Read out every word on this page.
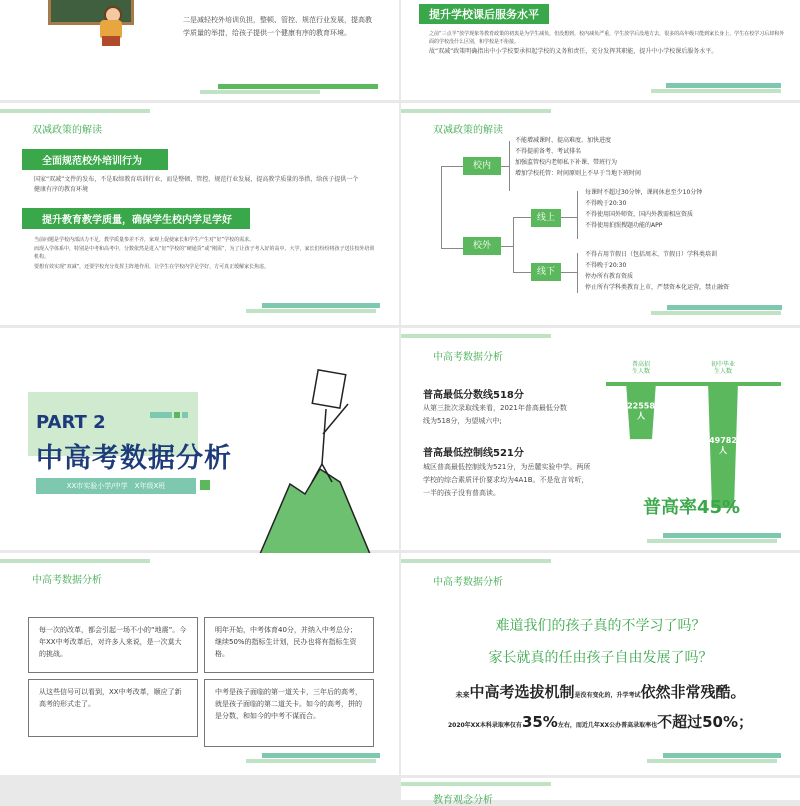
二是减轻校外培训负担，整顿、管控、规范行业发展，提高教学质量的举措，给孩子提供一个健康有序的教育环境。
提升学校课后服务水平
之前“三点半”放学现象等教育政策的初衷是为学生减负，但没想到，校内减负严重，学生放学后没地方去，很多的高年级只能到家长身上，学生在校学习后却和外面的学校没什么区别，和学校是不衔接。
故“双减”政策明确指出中小学校要承担起学校的义务和责任，充分发挥其职能，提升中小学校课后服务水平。
双减政策的解读
全面规范校外培训行为
国家“双减”文件的发布，不是取缔教育培训行业，而是整顿、管控、规范行业发展，提高教学质量的举措，给孩子提供一个健康有序的教育环境
提升教育教学质量，确保学生校内学足学好
当前问题是学校内部活力不足，教学质量参差不齐，家观上促使家长和学生产生对“好”学校的需求。
而现入学体系中，特别是中考和高考中，分数依然是进入“好”学校的“硬通货”或“刚需”，为了让孩子考入好的高中、大学，家长们纷纷将孩子送往校外培训机构。
要想有效实现“双减”，还要学校充分发挥主阵地作用，让学生在学校内学足学好，方可真正缓解家长焦虑。
双减政策的解读
校内
不能增减课时、提高难度、加快进度
不得提前备考、考试排名
加强监管校内老师私下补课、带班行为
增加学校托管：时间原则上不早于当地下班时间
校外
线上
线下
每课时不超过30分钟，课间休息至少10分钟
不得晚于20:30
不得使用国外师资，国内外教需相应资质
不得使用拍照搜题功能的APP
不得占用节假日（包括周末、节假日）学科类培训
不得晚于20:30
停办所有教育资质
停止所有学科类教育上市，严禁资本化运营，禁止融资
PART 2
中高考数据分析
XX市实验小学/中学　X年级X班
中高考数据分析
普高最低分数线518分
从第三批次录取线来看，2021年普高最低分数线为518分，为望城六中;
普高最低控制线521分
城区普高最低控制线为521分，为岳麓实验中学。两所学校的综合素质评价要求均为4A1B。不是危言耸听，一半的孩子没有普高读。
普高招
生人数
22558
人
初中毕业
生人数
49782
人
普高率45%
中高考数据分析
每一次的改革，都会引起一场不小的“地震”。今年XX中考改革后，对许多人来说，是一次莫大的挑战。
明年开始，中考体育40分，并纳入中考总分；继续50%的指标生计划，民办也将有指标生资格。
从这些信号可以看到，XX中考改革，顺应了新高考的形式走了。
中考是孩子面临的第一道关卡，三年后的高考，就是孩子面临的第二道关卡。如今的高考，拼的是分数，和如今的中考不谋而合。
中高考数据分析
难道我们的孩子真的不学习了吗？
家长就真的任由孩子自由发展了吗？
未来中高考选拔机制是没有变化的，升学考试依然非常残酷。
2020年XX本科录取率仅有35%左右，而近几年XX公办普高录取率也不超过50%；
教育观念分析
